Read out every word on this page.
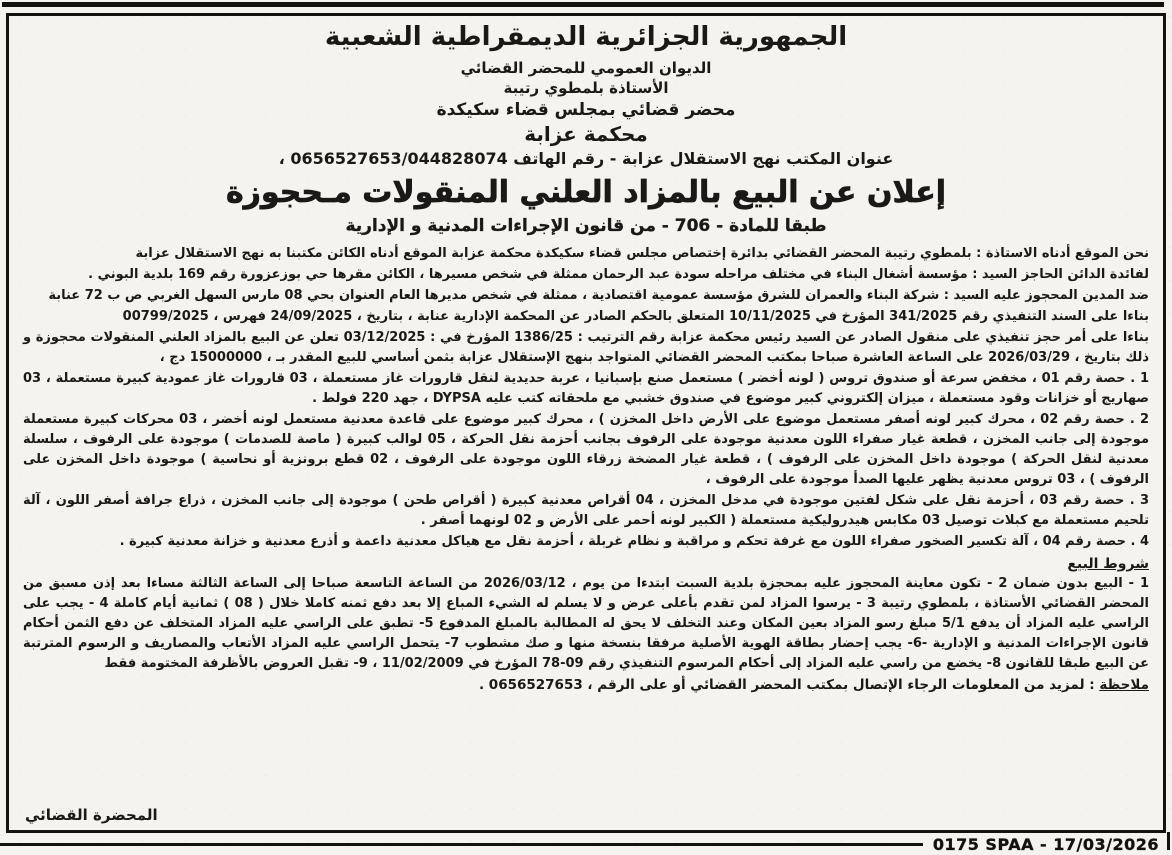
الجمهورية الجزائرية الديمقراطية الشعبية
الديوان العمومي للمحضر القضائي
الأستاذة بلمطوي رتيبة
محضر قضائي بمجلس قضاء سكيكدة
محكمة عزابة
عنوان المكتب نهج الاستقلال عزابة - رقم الهاتف 0656527653/044828074 ،
إعلان عن البيع بالمزاد العلني المنقولات مـحجوزة
طبقا للمادة - 706 - من قانون الإجراءات المدنية و الإدارية

نحن الموقع أدناه الاستاذة : بلمطوي رتيبة المحضر القضائي بدائرة إختصاص مجلس قضاء سكيكدة محكمة عزابة الموقع أدناه الكائن مكتبنا به نهج الاستقلال عزابة

لفائدة الدائن الحاجز السيد : مؤسسة أشغال البناء في مختلف مراحله سودة عبد الرحمان ممثلة في شخص مسيرها ، الكائن مقرها حي بوزعزورة رقم 169 بلدية البوني .

ضد المدين المحجوز عليه السيد : شركة البناء والعمران للشرق مؤسسة عمومية اقتصادية ، ممثلة في شخص مديرها العام العنوان بحي 08 مارس السهل الغربي ص ب 72 عنابة

بناءا على السند التنفيذي رقم 341/2025 المؤرخ في 10/11/2025 المتعلق بالحكم الصادر عن المحكمة الإدارية عنابة ، بتاريخ ، 24/09/2025 فهرس ، 00799/2025

بناءا على أمر حجز تنفيذي على منقول الصادر عن السيد رئيس محكمة عزابة رقم الترتيب : 1386/25 المؤرخ في : 03/12/2025 تعلن عن البيع بالمزاد العلني المنقولات محجوزة و ذلك بتاريخ ، 2026/03/29 على الساعة العاشرة صباحا بمكتب المحضر القضائي المتواجد بنهج الإستقلال عزابة بثمن أساسي للبيع المقدر بـ ، 15000000 دج ،

1 . حصة رقم 01 ، مخفض سرعة أو صندوق تروس ( لونه أخضر ) مستعمل صنع بإسبانيا ، عربة حديدية لنقل قارورات غاز مستعملة ، 03 قارورات غاز عمودية كبيرة مستعملة ، 03 صهاريج أو خزانات وقود مستعملة ، ميزان إلكتروني كبير موضوع في صندوق خشبي مع ملحقاته كتب عليه DYPSA ، جهد 220 فولط .

2 . حصة رقم 02 ، محرك كبير لونه أصفر مستعمل موضوع على الأرض داخل المخزن ) ، محرك كبير موضوع على قاعدة معدنية مستعمل لونه أخضر ، 03 محركات كبيرة مستعملة موجودة إلى جانب المخزن ، قطعة غيار صفراء اللون معدنية موجودة على الرفوف بجانب أحزمة نقل الحركة ، 05 لوالب كبيرة ( ماصة للصدمات ) موجودة على الرفوف ، سلسلة معدنية لنقل الحركة ) موجودة داخل المخزن على الرفوف ) ، قطعة غيار المضخة زرقاء اللون موجودة على الرفوف ، 02 قطع برونزية أو نحاسية ) موجودة داخل المخزن على الرفوف ) ، 03 تروس معدنية يظهر عليها الصدأ موجودة على الرفوف ،

3 . حصة رقم 03 ، أحزمة نقل على شكل لفتين موجودة في مدخل المخزن ، 04 أقراص معدنية كبيرة ( أقراص طحن ) موجودة إلى جانب المخزن ، ذراع جرافة أصفر اللون ، آلة تلحيم مستعملة مع كبلات توصيل 03 مكابس هيدروليكية مستعملة ( الكبير لونه أحمر على الأرض و 02 لونهما أصفر .

4 . حصة رقم 04 ، آلة تكسير الصخور صفراء اللون مع غرفة تحكم و مراقبة و نظام غربلة ، أحزمة نقل مع هياكل معدنية داعمة و أذرع معدنية و خزانة معدنية كبيرة .

شروط البيع

1 - البيع بدون ضمان 2 - تكون معاينة المحجوز عليه بمحجزة بلدية السبت ابتدءا من يوم ، 2026/03/12 من الساعة التاسعة صباحا إلى الساعة الثالثة مساءا بعد إذن مسبق من المحضر القضائي الأستاذة ، بلمطوي رتيبة 3 - يرسوا المزاد لمن تقدم بأعلى عرض و لا يسلم له الشيء المباع إلا بعد دفع ثمنه كاملا خلال ( 08 ) ثمانية أيام كاملة 4 - يجب على الراسي عليه المزاد أن يدفع 5/1 مبلغ رسو المزاد بعين المكان وعند التخلف لا يحق له المطالبة بالمبلغ المدفوع 5- تطبق على الراسي عليه المزاد المتخلف عن دفع الثمن أحكام قانون الإجراءات المدنية و الإدارية -6- يجب إحضار بطاقة الهوية الأصلية مرفقا بنسخة منها و صك مشطوب 7- يتحمل الراسي عليه المزاد الأتعاب والمصاريف و الرسوم المترتبة عن البيع طبقا للقانون 8- يخضع من راسي عليه المزاد إلى أحكام المرسوم التنفيذي رقم 09-78 المؤرخ في 11/02/2009 ، 9- تقبل العروض بالأظرفة المختومة فقط

ملاحظة : لمزيد من المعلومات الرجاء الإتصال بمكتب المحضر القضائي أو على الرقم ، 0656527653 .

المحضرة القضائي
0175 SPAA - 17/03/2026
